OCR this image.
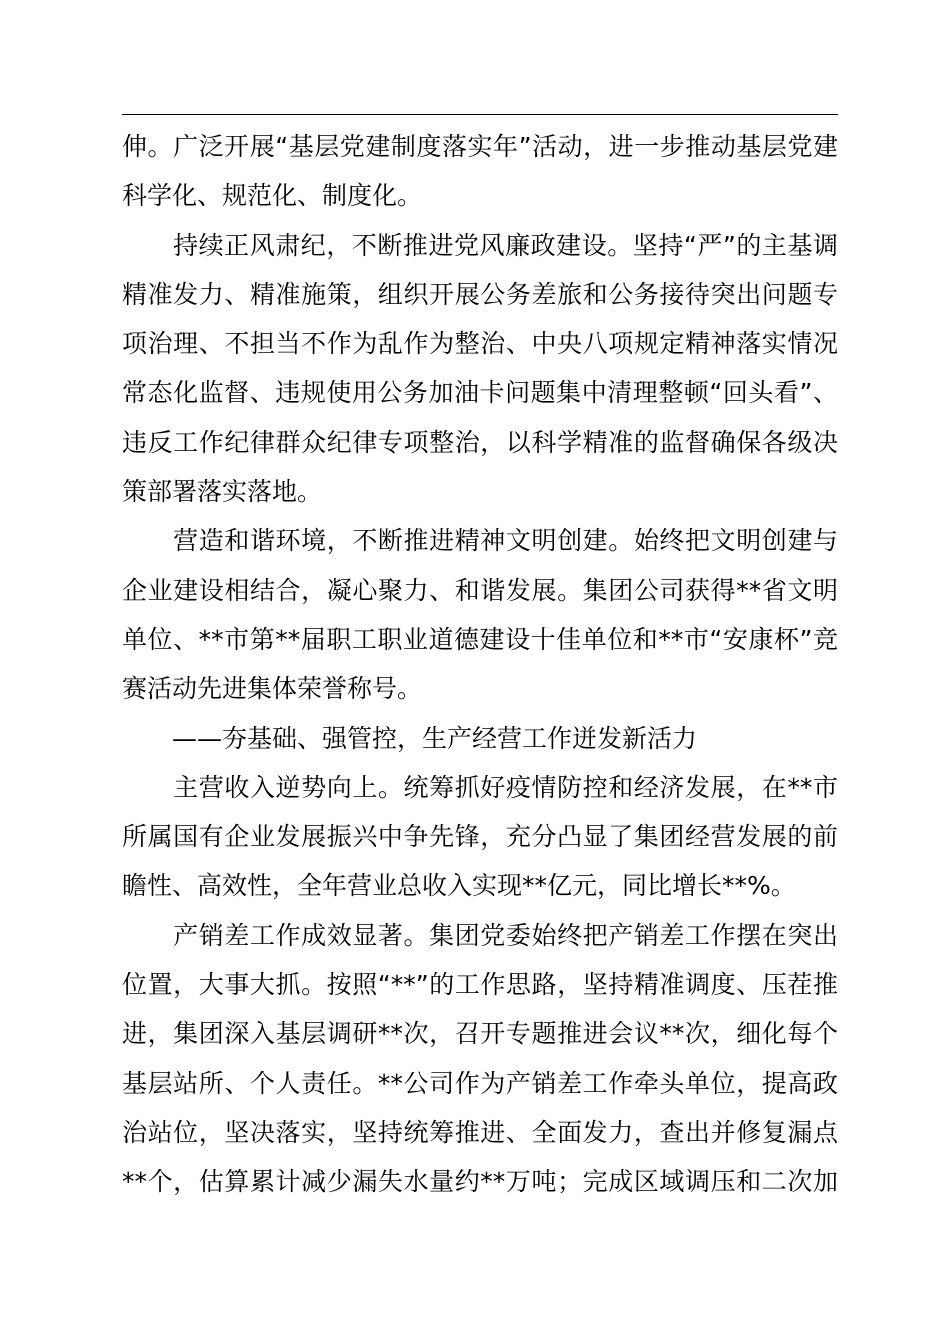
伸。广泛开展“基层党建制度落实年”活动，进一步推动基层党建
科学化、规范化、制度化。
　　持续正风肃纪，不断推进党风廉政建设。坚持“严”的主基调
精准发力、精准施策，组织开展公务差旅和公务接待突出问题专
项治理、不担当不作为乱作为整治、中央八项规定精神落实情况
常态化监督、违规使用公务加油卡问题集中清理整顿“回头看”、
违反工作纪律群众纪律专项整治，以科学精准的监督确保各级决
策部署落实落地。
　　营造和谐环境，不断推进精神文明创建。始终把文明创建与
企业建设相结合，凝心聚力、和谐发展。集团公司获得**省文明
单位、**市第**届职工职业道德建设十佳单位和**市“安康杯”竞
赛活动先进集体荣誉称号。
　　——夯基础、强管控，生产经营工作迸发新活力
　　主营收入逆势向上。统筹抓好疫情防控和经济发展，在**市
所属国有企业发展振兴中争先锋，充分凸显了集团经营发展的前
瞻性、高效性，全年营业总收入实现**亿元，同比增长**%。
　　产销差工作成效显著。集团党委始终把产销差工作摆在突出
位置，大事大抓。按照“**”的工作思路，坚持精准调度、压茬推
进，集团深入基层调研**次，召开专题推进会议**次，细化每个
基层站所、个人责任。**公司作为产销差工作牵头单位，提高政
治站位，坚决落实，坚持统筹推进、全面发力，查出并修复漏点
**个，估算累计减少漏失水量约**万吨；完成区域调压和二次加
